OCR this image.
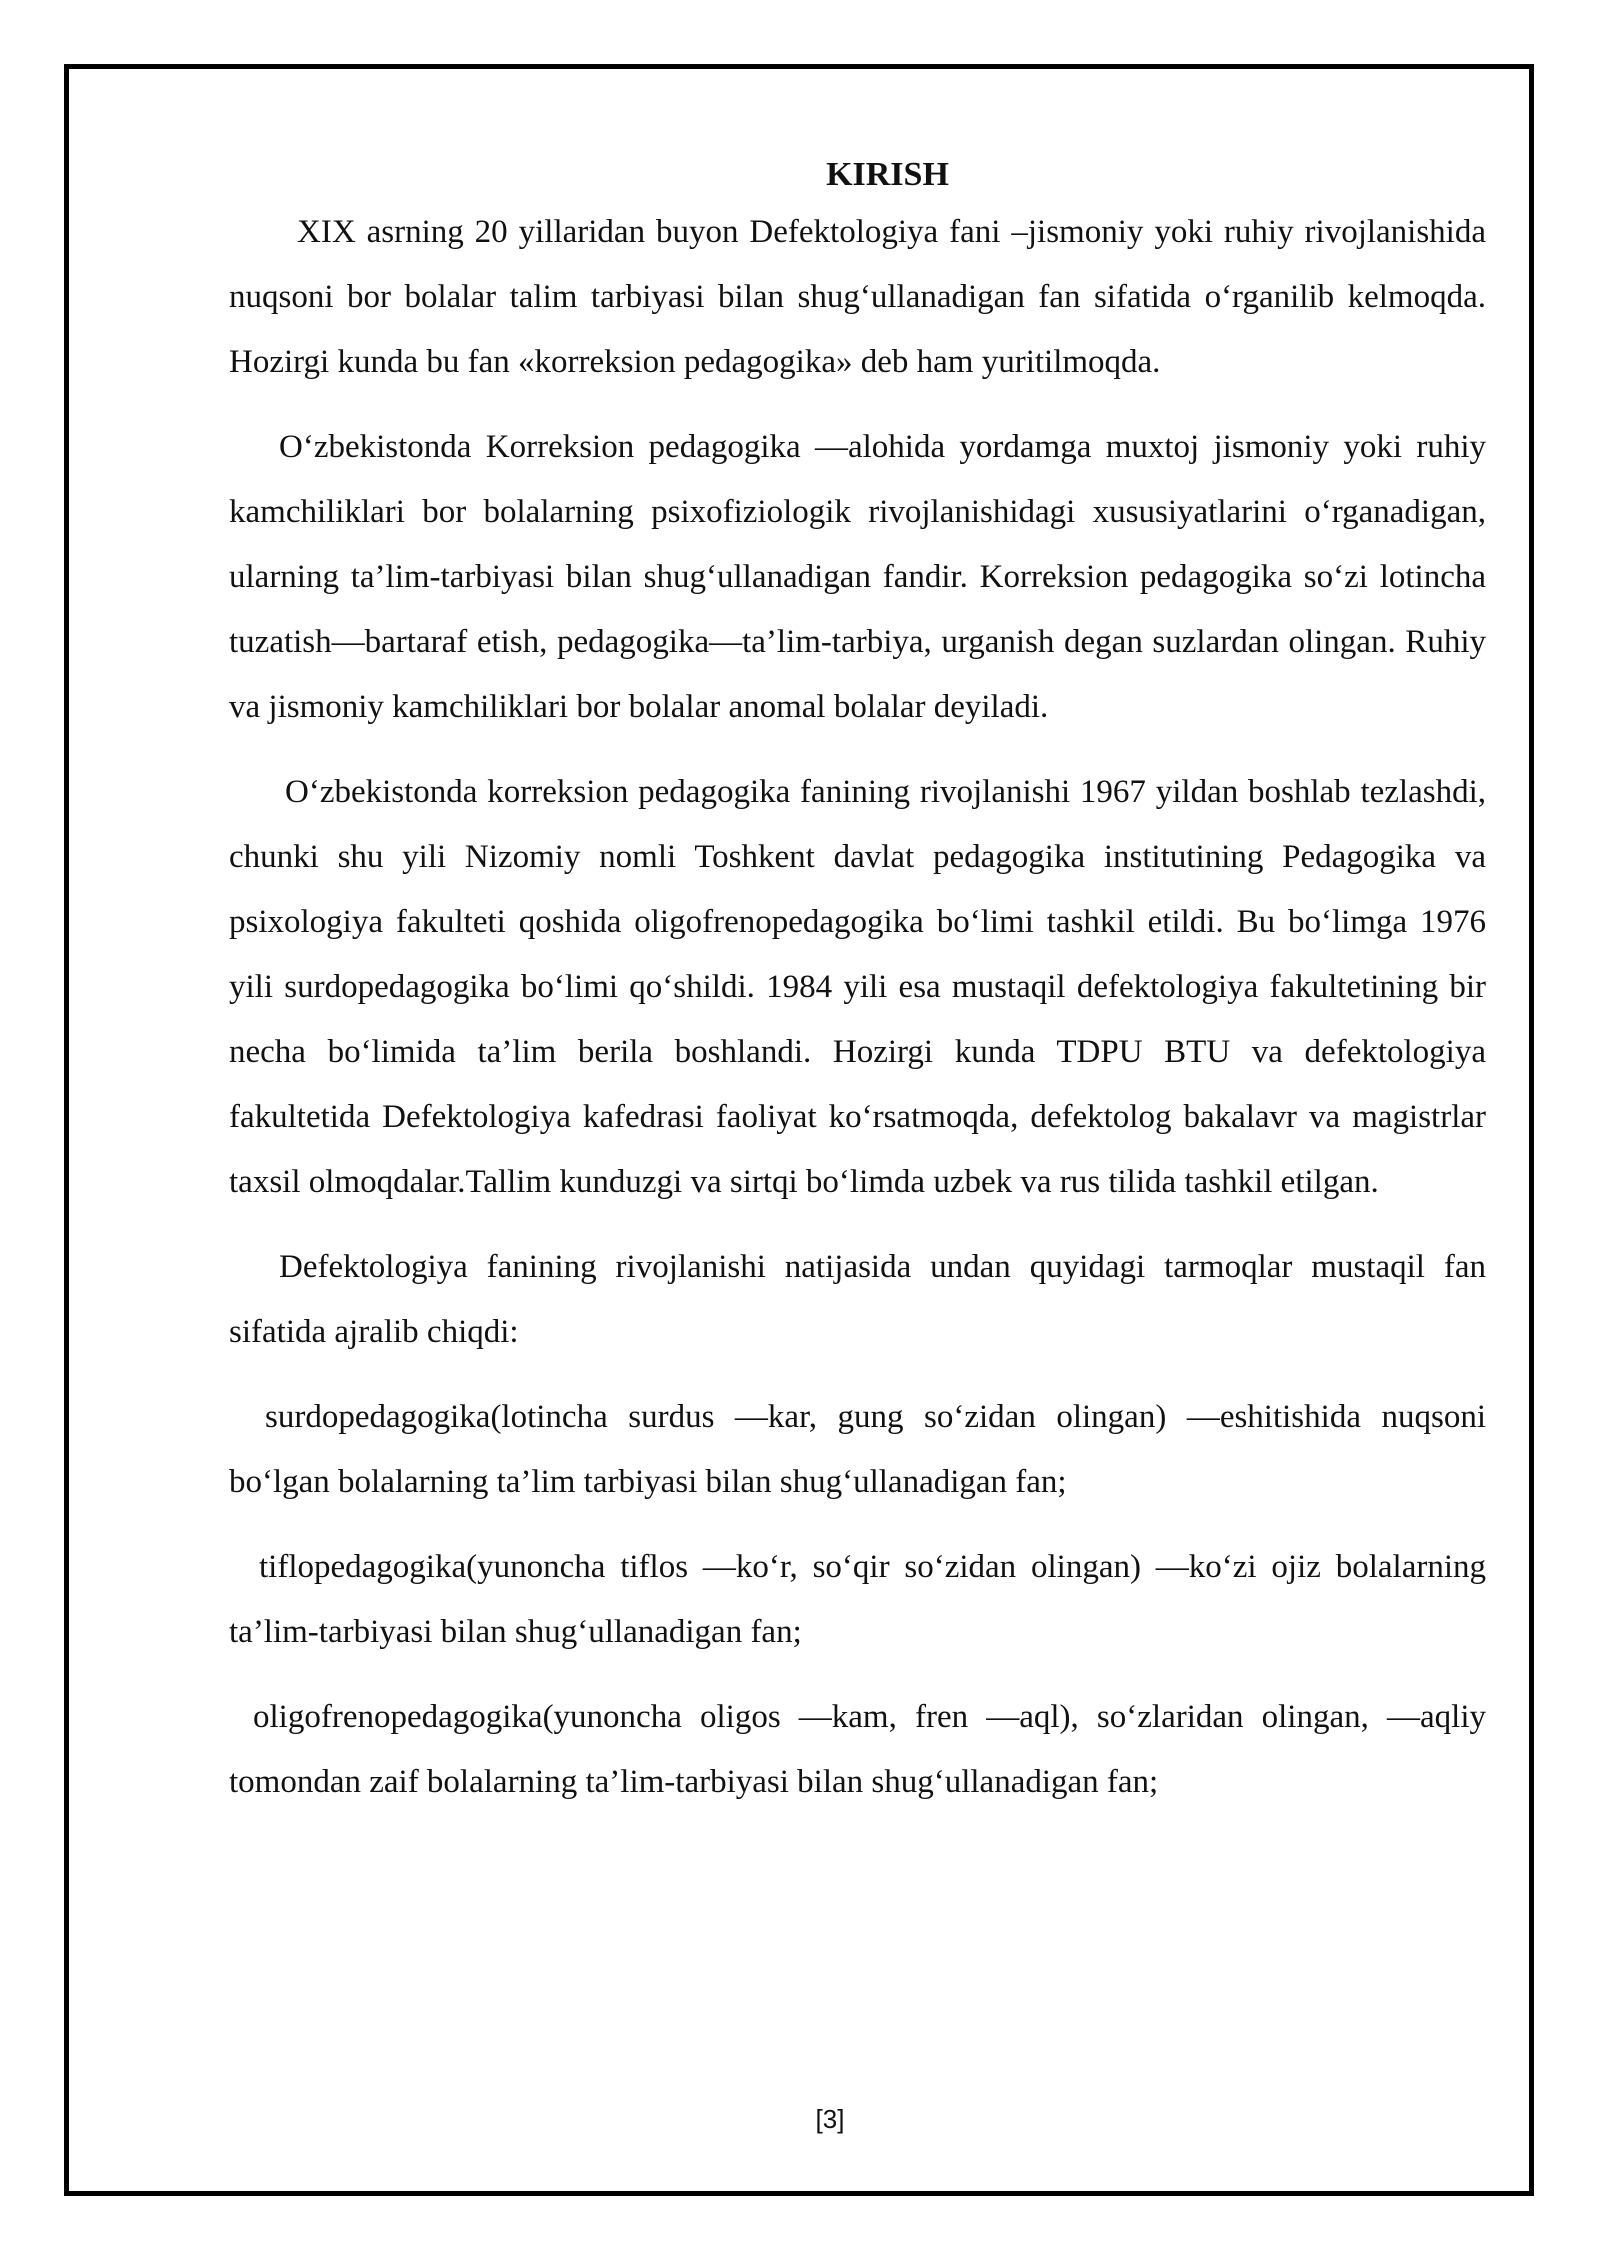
KIRISH

XIX asrning 20 yillaridan buyon Defektologiya fani –jismoniy yoki ruhiy rivojlanishida nuqsoni bor bolalar talim tarbiyasi bilan shug‘ullanadigan fan sifatida o‘rganilib kelmoqda. Hozirgi kunda bu fan «korreksion pedagogika» deb ham yuritilmoqda.

O‘zbekistonda Korreksion pedagogika —alohida yordamga muxtoj jismoniy yoki ruhiy kamchiliklari bor bolalarning psixofiziologik rivojlanishidagi xususiyatlarini o‘rganadigan, ularning ta’lim-tarbiyasi bilan shug‘ullanadigan fandir. Korreksion pedagogika so‘zi lotincha tuzatish—bartaraf etish, pedagogika—ta’lim-tarbiya, urganish degan suzlardan olingan. Ruhiy va jismoniy kamchiliklari bor bolalar anomal bolalar deyiladi.

O‘zbekistonda korreksion pedagogika fanining rivojlanishi 1967 yildan boshlab tezlashdi, chunki shu yili Nizomiy nomli Toshkent davlat pedagogika institutining Pedagogika va psixologiya fakulteti qoshida oligofrenopedagogika bo‘limi tashkil etildi. Bu bo‘limga 1976 yili surdopedagogika bo‘limi qo‘shildi. 1984 yili esa mustaqil defektologiya fakultetining bir necha bo‘limida ta’lim berila boshlandi. Hozirgi kunda TDPU BTU va defektologiya fakultetida Defektologiya kafedrasi faoliyat ko‘rsatmoqda, defektolog bakalavr va magistrlar taxsil olmoqdalar.Tallim kunduzgi va sirtqi bo‘limda uzbek va rus tilida tashkil etilgan.

Defektologiya fanining rivojlanishi natijasida undan quyidagi tarmoqlar mustaqil fan sifatida ajralib chiqdi:

surdopedagogika(lotincha surdus —kar, gung so‘zidan olingan) —eshitishida nuqsoni bo‘lgan bolalarning ta’lim tarbiyasi bilan shug‘ullanadigan fan;

tiflopedagogika(yunoncha tiflos —ko‘r, so‘qir so‘zidan olingan) —ko‘zi ojiz bolalarning ta’lim-tarbiyasi bilan shug‘ullanadigan fan;

oligofrenopedagogika(yunoncha oligos —kam, fren —aql), so‘zlaridan olingan, —aqliy tomondan zaif bolalarning ta’lim-tarbiyasi bilan shug‘ullanadigan fan;

[3]
